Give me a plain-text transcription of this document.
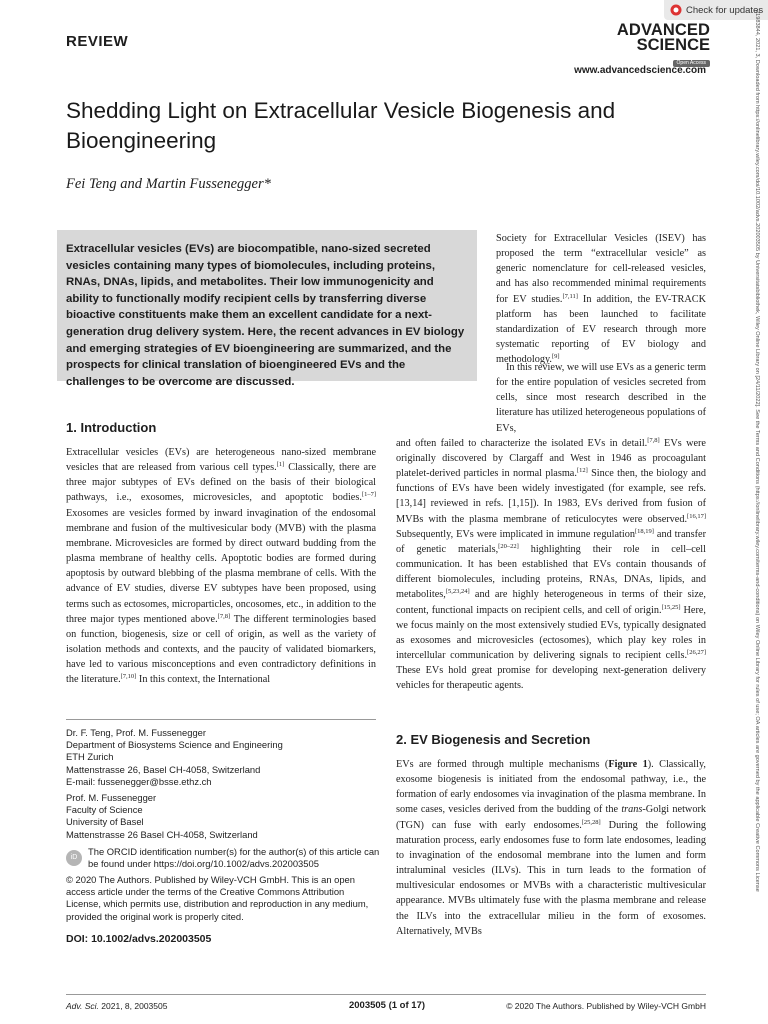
Check for updates
REVIEW
ADVANCED
SCIENCE
Open Access
www.advancedscience.com
Shedding Light on Extracellular Vesicle Biogenesis and Bioengineering
Fei Teng and Martin Fussenegger*
Extracellular vesicles (EVs) are biocompatible, nano-sized secreted vesicles containing many types of biomolecules, including proteins, RNAs, DNAs, lipids, and metabolites. Their low immunogenicity and ability to functionally modify recipient cells by transferring diverse bioactive constituents make them an excellent candidate for a next-generation drug delivery system. Here, the recent advances in EV biology and emerging strategies of EV bioengineering are summarized, and the prospects for clinical translation of bioengineered EVs and the challenges to be overcome are discussed.

Society for Extracellular Vesicles (ISEV) has proposed the term “extracellular vesicle” as generic nomenclature for cell-released vesicles, and has also recommended minimal requirements for EV studies.[7,11] In addition, the EV-TRACK platform has been launched to facilitate standardization of EV research through more systematic reporting of EV biology and methodology.[9]

In this review, we will use EVs as a generic term for the entire population of vesicles secreted from cells, since most research described in the literature has utilized heterogeneous populations of EVs,

and often failed to characterize the isolated EVs in detail.[7,8] EVs were originally discovered by Clargaff and West in 1946 as procoagulant platelet-derived particles in normal plasma.[12] Since then, the biology and functions of EVs have been widely investigated (for example, see refs. [13,14] reviewed in refs. [1,15]). In 1983, EVs derived from fusion of MVBs with the plasma membrane of reticulocytes were observed.[16,17] Subsequently, EVs were implicated in immune regulation[18,19] and transfer of genetic materials,[20–22] highlighting their role in cell–cell communication. It has been established that EVs contain thousands of different biomolecules, including proteins, RNAs, DNAs, lipids, and metabolites,[5,23,24] and are highly heterogeneous in terms of their size, content, functional impacts on recipient cells, and cell of origin.[15,25] Here, we focus mainly on the most extensively studied EVs, typically designated as exosomes and microvesicles (ectosomes), which play key roles in intercellular communication by delivering signals to recipient cells.[26,27] These EVs hold great promise for developing next-generation delivery vehicles for therapeutic agents.

1. Introduction

Extracellular vesicles (EVs) are heterogeneous nano-sized membrane vesicles that are released from various cell types.[1] Classically, there are three major subtypes of EVs defined on the basis of their biological pathways, i.e., exosomes, microvesicles, and apoptotic bodies.[1–7] Exosomes are vesicles formed by inward invagination of the endosomal membrane and fusion of the multivesicular body (MVB) with the plasma membrane. Microvesicles are formed by direct outward budding from the plasma membrane of healthy cells. Apoptotic bodies are formed during apoptosis by outward blebbing of the plasma membrane of cells. With the advance of EV studies, diverse EV subtypes have been proposed, using terms such as ectosomes, microparticles, oncosomes, etc., in addition to the three major types mentioned above.[7,8] The different terminologies based on function, biogenesis, size or cell of origin, as well as the variety of isolation methods and contexts, and the paucity of validated biomarkers, have led to various misconceptions and even contradictory definitions in the literature.[7,10] In this context, the International

Dr. F. Teng, Prof. M. Fussenegger
Department of Biosystems Science and Engineering
ETH Zurich
Mattenstrasse 26, Basel CH-4058, Switzerland
E-mail: fussenegger@bsse.ethz.ch
Prof. M. Fussenegger
Faculty of Science
University of Basel
Mattenstrasse 26 Basel CH-4058, Switzerland
iD
The ORCID identification number(s) for the author(s) of this article can be found under https://doi.org/10.1002/advs.202003505
© 2020 The Authors. Published by Wiley-VCH GmbH. This is an open access article under the terms of the Creative Commons Attribution License, which permits use, distribution and reproduction in any medium, provided the original work is properly cited.
DOI: 10.1002/advs.202003505
2. EV Biogenesis and Secretion

EVs are formed through multiple mechanisms (Figure 1). Classically, exosome biogenesis is initiated from the endosomal pathway, i.e., the formation of early endosomes via invagination of the plasma membrane. In some cases, vesicles derived from the budding of the trans-Golgi network (TGN) can fuse with early endosomes.[25,28] During the following maturation process, early endosomes fuse to form late endosomes, leading to invagination of the endosomal membrane into the lumen and form intraluminal vesicles (ILVs). This in turn leads to the formation of multivesicular endosomes or MVBs with a characteristic multivesicular appearance. MVBs ultimately fuse with the plasma membrane and release the ILVs into the extracellular milieu in the form of exosomes. Alternatively, MVBs

Adv. Sci. 2021, 8, 2003505	2003505 (1 of 17)	© 2020 The Authors. Published by Wiley-VCH GmbH
21983844, 2021, 3, Downloaded from https://onlinelibrary.wiley.com/doi/10.1002/advs.202003505 by Universitatsbibliothek, Wiley Online Library on [24/11/2022]. See the Terms and Conditions (https://onlinelibrary.wiley.com/terms-and-conditions) on Wiley Online Library for rules of use; OA articles are governed by the applicable Creative Commons License
